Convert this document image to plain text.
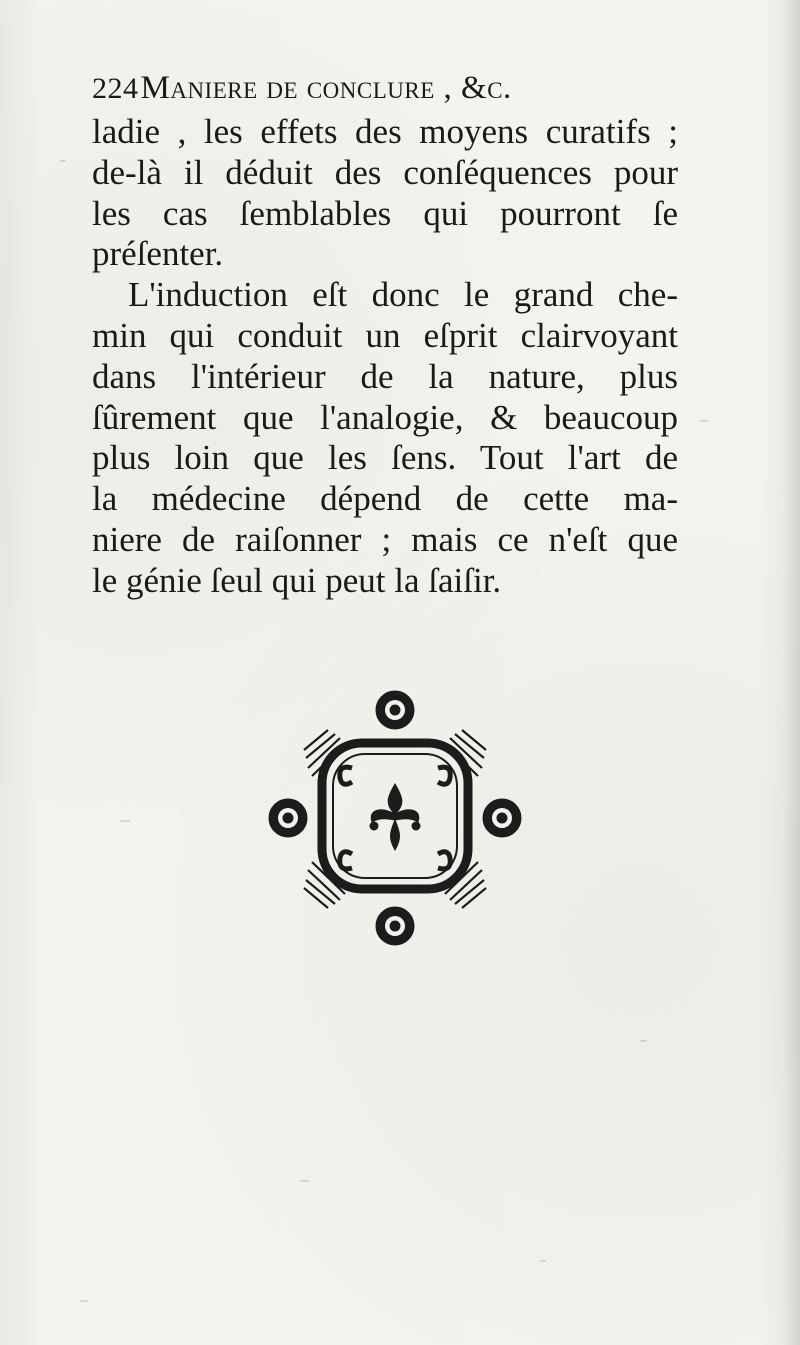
224Maniere de conclure , &c.
ladie , les effets des moyens curatifs ;
de-là il déduit des conſéquences pour
les cas ſemblables qui pourront ſe
préſenter.
L'induction eſt donc le grand che-
min qui conduit un eſprit clairvoyant
dans l'intérieur de la nature, plus
ſûrement que l'analogie, & beaucoup
plus loin que les ſens. Tout l'art de
la médecine dépend de cette ma-
niere de raiſonner ; mais ce n'eſt que
le génie ſeul qui peut la ſaiſir.
